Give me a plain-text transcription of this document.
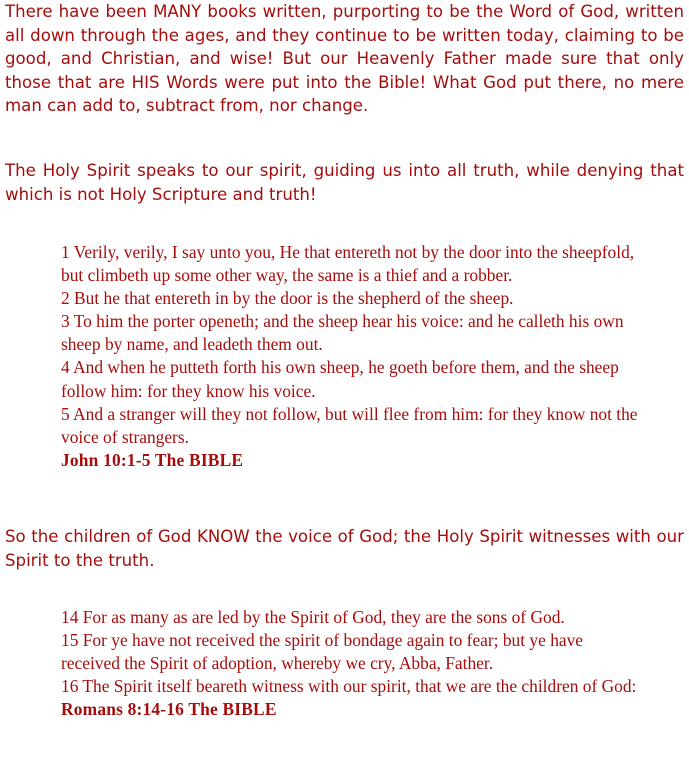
There have been MANY books written, purporting to be the Word of God, written all down through the ages, and they continue to be written today, claiming to be good, and Christian, and wise! But our Heavenly Father made sure that only those that are HIS Words were put into the Bible! What God put there, no mere man can add to, subtract from, nor change.

The Holy Spirit speaks to our spirit, guiding us into all truth, while denying that which is not Holy Scripture and truth!

1 Verily, verily, I say unto you, He that entereth not by the door into the sheepfold, but climbeth up some other way, the same is a thief and a robber.
2 But he that entereth in by the door is the shepherd of the sheep.
3 To him the porter openeth; and the sheep hear his voice: and he calleth his own sheep by name, and leadeth them out.
4 And when he putteth forth his own sheep, he goeth before them, and the sheep follow him: for they know his voice.
5 And a stranger will they not follow, but will flee from him: for they know not the voice of strangers.
John 10:1-5 The BIBLE

So the children of God KNOW the voice of God; the Holy Spirit witnesses with our Spirit to the truth.

14 For as many as are led by the Spirit of God, they are the sons of God.
15 For ye have not received the spirit of bondage again to fear; but ye have received the Spirit of adoption, whereby we cry, Abba, Father.
16 The Spirit itself beareth witness with our spirit, that we are the children of God:
Romans 8:14-16 The BIBLE
